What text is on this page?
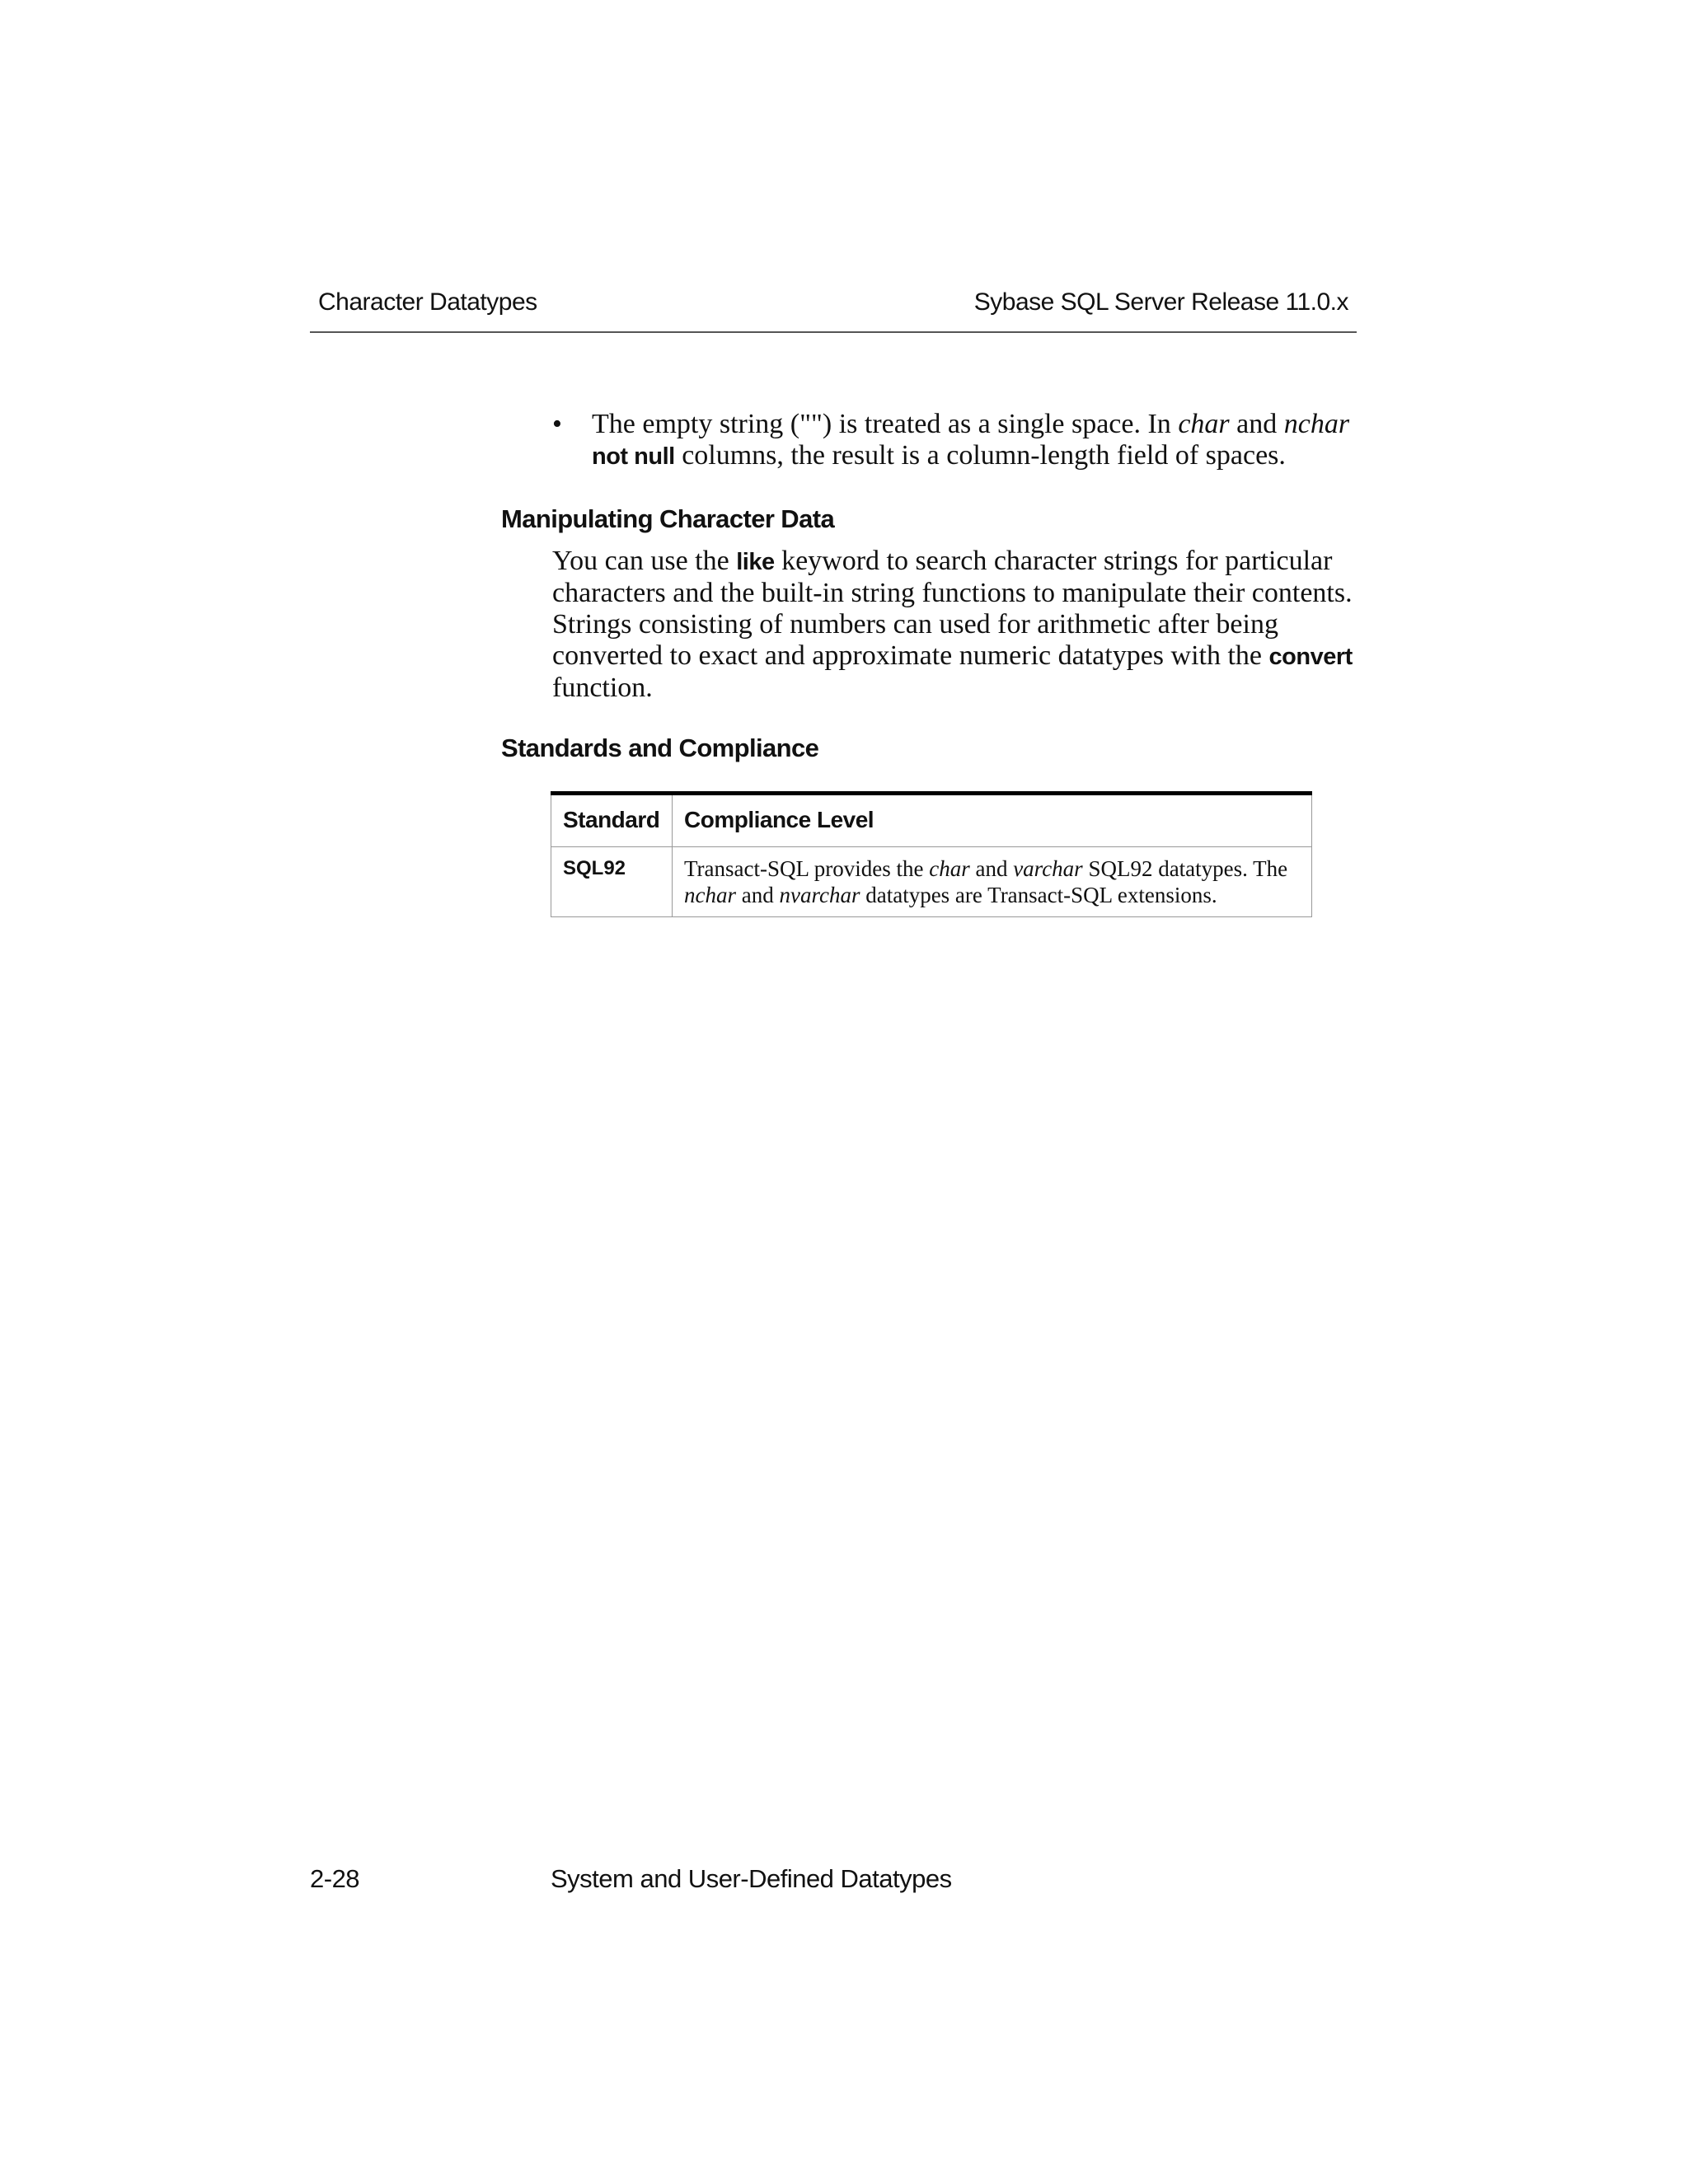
Character Datatypes	Sybase SQL Server Release 11.0.x
• The empty string ("") is treated as a single space. In char and nchar
not null columns, the result is a column-length field of spaces.
Manipulating Character Data
You can use the like keyword to search character strings for particular characters and the built-in string functions to manipulate their contents. Strings consisting of numbers can used for arithmetic after being converted to exact and approximate numeric datatypes with the convert function.
Standards and Compliance
Standard	Compliance Level
SQL92	Transact-SQL provides the char and varchar SQL92 datatypes. The nchar and nvarchar datatypes are Transact-SQL extensions.
2-28	System and User-Defined Datatypes
